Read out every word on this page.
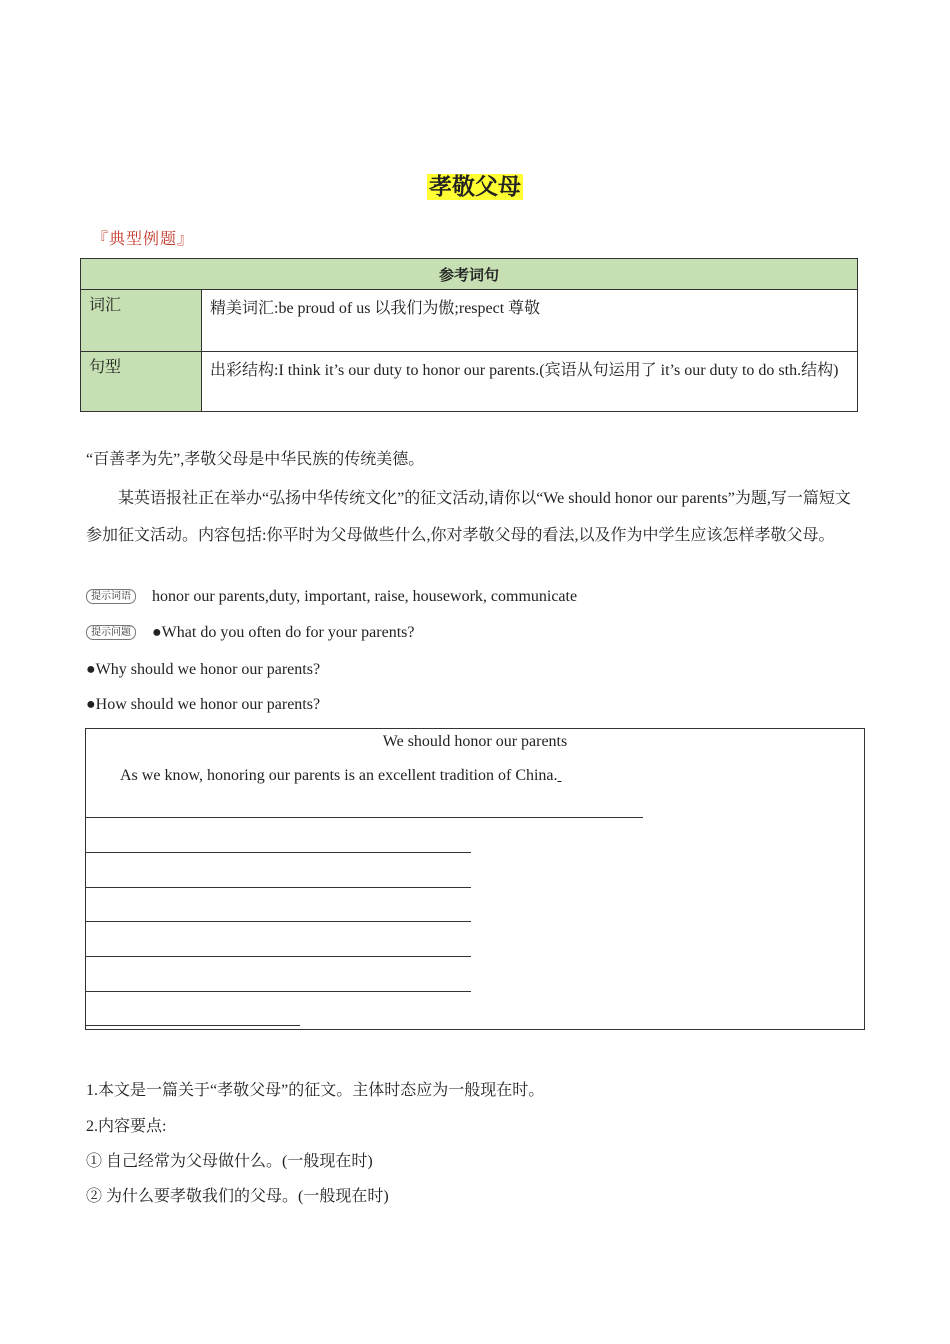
孝敬父母
『典型例题』
参考词句	
词汇	精美词汇:be proud of us 以我们为傲;respect 尊敬
句型	出彩结构:I think it’s our duty to honor our parents.(宾语从句运用了 it’s our duty to do sth.结构)
“百善孝为先”,孝敬父母是中华民族的传统美德。
某英语报社正在举办“弘扬中华传统文化”的征文活动,请你以“We should honor our parents”为题,写一篇短文参加征文活动。内容包括:你平时为父母做些什么,你对孝敬父母的看法,以及作为中学生应该怎样孝敬父母。
提示词语 honor our parents,duty, important, raise, housework, communicate
提示问题 ●What do you often do for your parents?
●Why should we honor our parents?
●How should we honor our parents?
We should honor our parents
As we know, honoring our parents is an excellent tradition of China.
1.本文是一篇关于“孝敬父母”的征文。主体时态应为一般现在时。
2.内容要点:
① 自己经常为父母做什么。(一般现在时)
② 为什么要孝敬我们的父母。(一般现在时)
